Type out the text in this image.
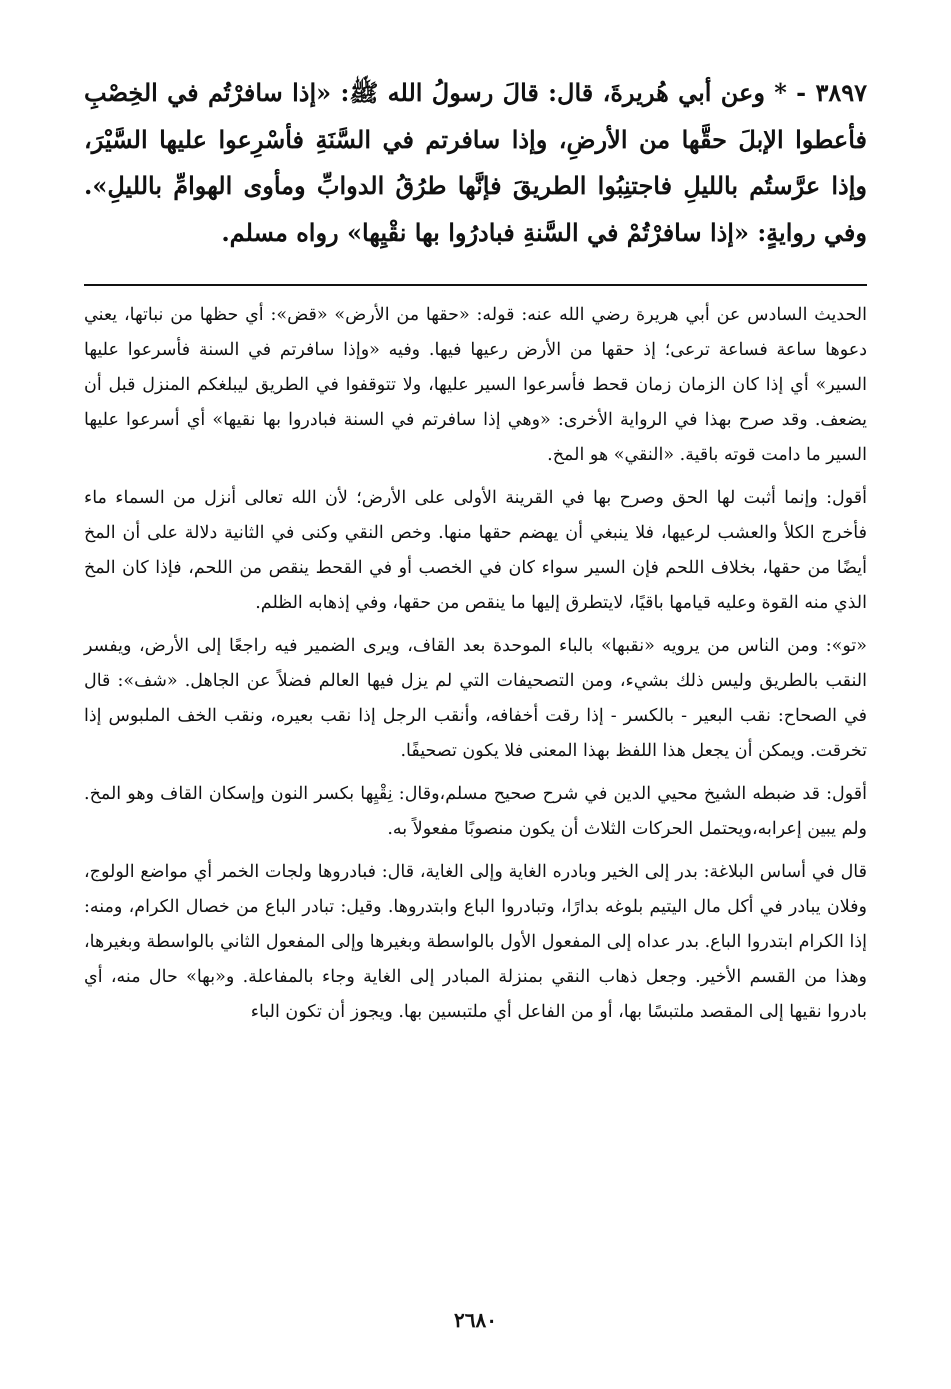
٣٨٩٧ - * وعن أبي هُريرةَ، قال: قالَ رسولُ الله ﷺ: «إذا سافرْتُم في الخِصْبِ فأعطوا الإبلَ حقَّها من الأرضِ، وإذا سافرتم في السَّنَةِ فأسْرِعوا عليها السَّيْرَ، وإذا عرَّستُم بالليلِ فاجتنِبُوا الطريقَ فإنَّها طرُقُ الدوابِّ ومأوى الهوامِّ بالليلِ». وفي روايةٍ: «إذا سافرْتُمْ في السَّنةِ فبادرُوا بها نقْيِها» رواه مسلم.

الحديث السادس عن أبي هريرة رضي الله عنه: قوله: «حقها من الأرض» «قض»: أي حظها من نباتها، يعني دعوها ساعة فساعة ترعى؛ إذ حقها من الأرض رعيها فيها. وفيه «وإذا سافرتم في السنة فأسرعوا عليها السير» أي إذا كان الزمان زمان قحط فأسرعوا السير عليها، ولا تتوقفوا في الطريق ليبلغكم المنزل قبل أن يضعف. وقد صرح بهذا في الرواية الأخرى: «وهي إذا سافرتم في السنة فبادروا بها نقيها» أي أسرعوا عليها السير ما دامت قوته باقية. «النقي» هو المخ.

أقول: وإنما أثبت لها الحق وصرح بها في القرينة الأولى على الأرض؛ لأن الله تعالى أنزل من السماء ماء فأخرج الكلأ والعشب لرعيها، فلا ينبغي أن يهضم حقها منها. وخص النقي وكنى في الثانية دلالة على أن المخ أيضًا من حقها، بخلاف اللحم فإن السير سواء كان في الخصب أو في القحط ينقص من اللحم، فإذا كان المخ الذي منه القوة وعليه قيامها باقيًا، لايتطرق إليها ما ينقص من حقها، وفي إذهابه الظلم.

«تو»: ومن الناس من يرويه «نقبها» بالباء الموحدة بعد القاف، ويرى الضمير فيه راجعًا إلى الأرض، ويفسر النقب بالطريق وليس ذلك بشيء، ومن التصحيفات التي لم يزل فيها العالم فضلاً عن الجاهل. «شف»: قال في الصحاح: نقب البعير - بالكسر - إذا رقت أخفافه، وأنقب الرجل إذا نقب بعيره، ونقب الخف الملبوس إذا تخرقت. ويمكن أن يجعل هذا اللفظ بهذا المعنى فلا يكون تصحيفًا.

أقول: قد ضبطه الشيخ محيي الدين في شرح صحيح مسلم،وقال: نِقْيِها بكسر النون وإسكان القاف وهو المخ. ولم يبين إعرابه،ويحتمل الحركات الثلاث أن يكون منصوبًا مفعولاً به.

قال في أساس البلاغة: بدر إلى الخير وبادره الغاية وإلى الغاية، قال: فبادروها ولجات الخمر أي مواضع الولوج، وفلان يبادر في أكل مال اليتيم بلوغه بدارًا، وتبادروا الباع وابتدروها. وقيل: تبادر الباع من خصال الكرام، ومنه: إذا الكرام ابتدروا الباع. بدر عداه إلى المفعول الأول بالواسطة وبغيرها وإلى المفعول الثاني بالواسطة وبغيرها، وهذا من القسم الأخير. وجعل ذهاب النقي بمنزلة المبادر إلى الغاية وجاء بالمفاعلة. و«بها» حال منه، أي بادروا نقيها إلى المقصد ملتبسًا بها، أو من الفاعل أي ملتبسين بها. ويجوز أن تكون الباء

٢٦٨٠
